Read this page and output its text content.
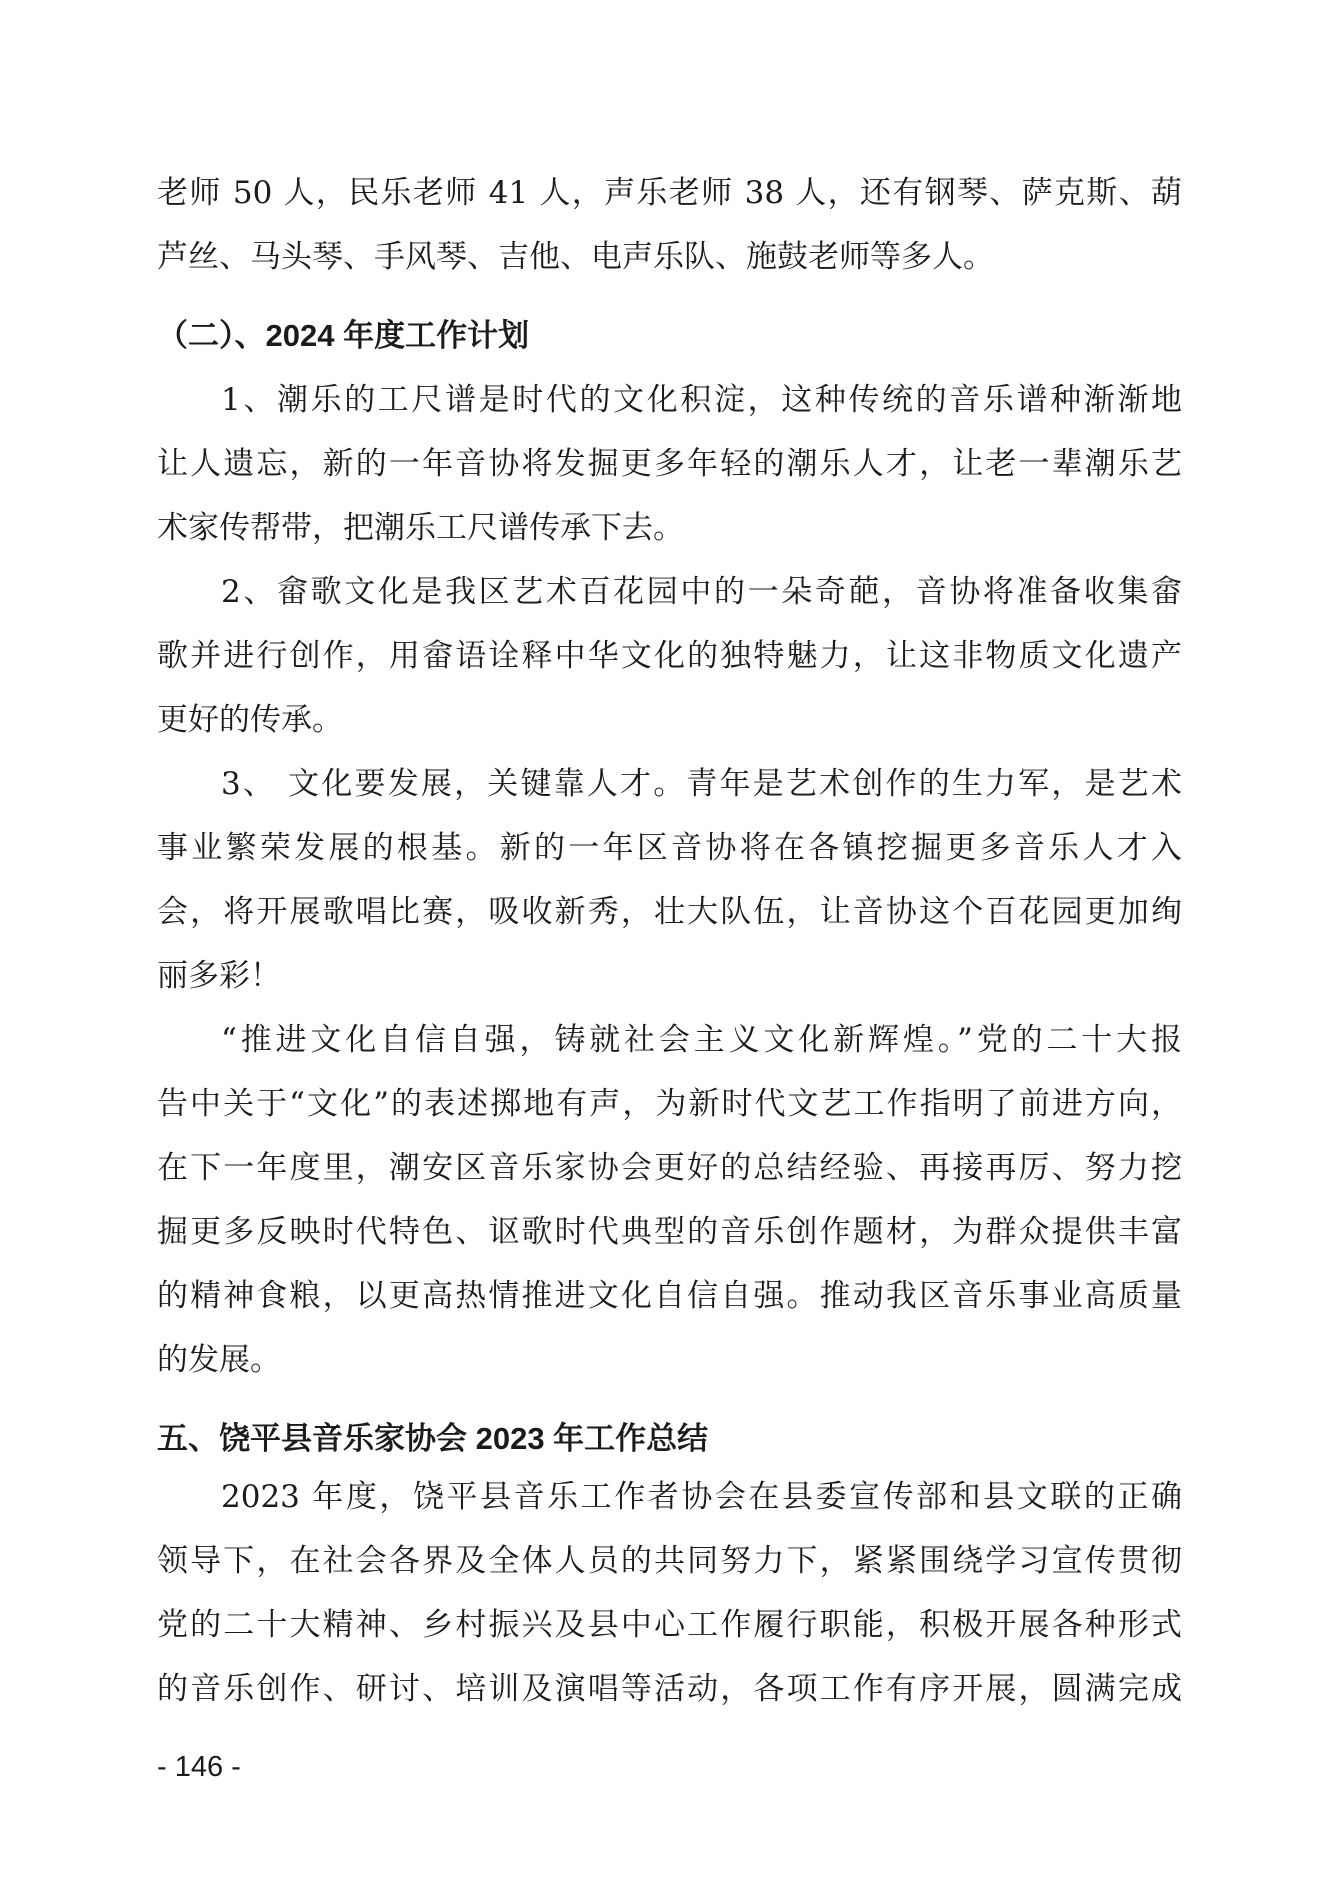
老师 50 人，民乐老师 41 人，声乐老师 38 人，还有钢琴、萨克斯、葫
芦丝、马头琴、手风琴、吉他、电声乐队、施鼓老师等多人。
（二）、2024 年度工作计划
1、潮乐的工尺谱是时代的文化积淀，这种传统的音乐谱种渐渐地
让人遗忘，新的一年音协将发掘更多年轻的潮乐人才，让老一辈潮乐艺
术家传帮带，把潮乐工尺谱传承下去。
2、畲歌文化是我区艺术百花园中的一朵奇葩，音协将准备收集畲
歌并进行创作，用畲语诠释中华文化的独特魅力，让这非物质文化遗产
更好的传承。
3、 文化要发展，关键靠人才。青年是艺术创作的生力军，是艺术
事业繁荣发展的根基。新的一年区音协将在各镇挖掘更多音乐人才入
会，将开展歌唱比赛，吸收新秀，壮大队伍，让音协这个百花园更加绚
丽多彩！
“推进文化自信自强，铸就社会主义文化新辉煌。”党的二十大报
告中关于“文化”的表述掷地有声，为新时代文艺工作指明了前进方向，
在下一年度里，潮安区音乐家协会更好的总结经验、再接再厉、努力挖
掘更多反映时代特色、讴歌时代典型的音乐创作题材，为群众提供丰富
的精神食粮，以更高热情推进文化自信自强。推动我区音乐事业高质量
的发展。
五、饶平县音乐家协会 2023 年工作总结
2023 年度，饶平县音乐工作者协会在县委宣传部和县文联的正确
领导下，在社会各界及全体人员的共同努力下，紧紧围绕学习宣传贯彻
党的二十大精神、乡村振兴及县中心工作履行职能，积极开展各种形式
的音乐创作、研讨、培训及演唱等活动，各项工作有序开展，圆满完成
- 146 -
